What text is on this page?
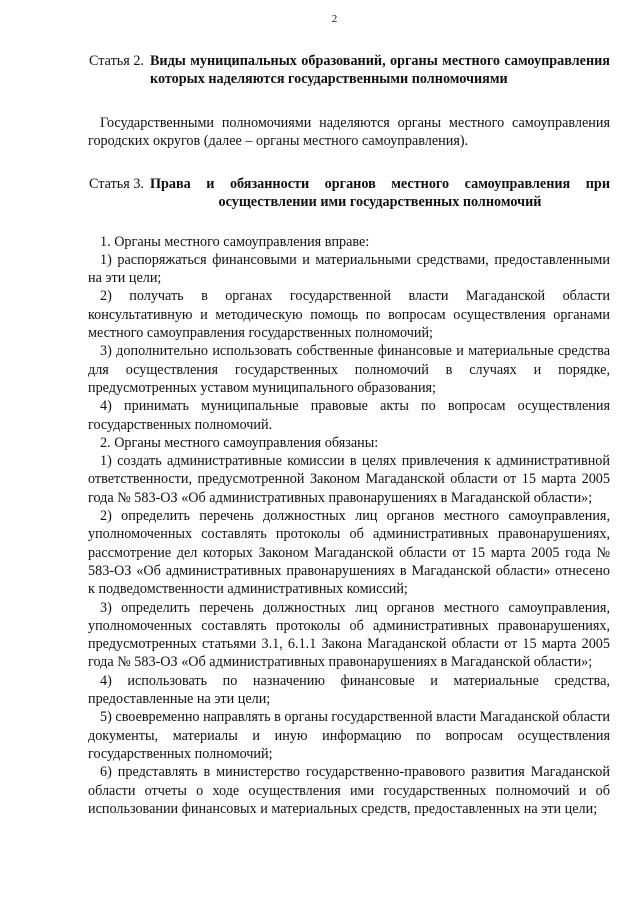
2
Статья 2. Виды муниципальных образований, органы местного самоуправления которых наделяются государственными полномочиями

Государственными полномочиями наделяются органы местного самоуправления городских округов (далее – органы местного самоуправления).

Статья 3. Права и обязанности органов местного самоуправления при осуществлении ими государственных полномочий

1. Органы местного самоуправления вправе:

1) распоряжаться финансовыми и материальными средствами, предоставленными на эти цели;

2) получать в органах государственной власти Магаданской области консультативную и методическую помощь по вопросам осуществления органами местного самоуправления государственных полномочий;

3) дополнительно использовать собственные финансовые и материальные средства для осуществления государственных полномочий в случаях и порядке, предусмотренных уставом муниципального образования;

4) принимать муниципальные правовые акты по вопросам осуществления государственных полномочий.

2. Органы местного самоуправления обязаны:

1) создать административные комиссии в целях привлечения к административной ответственности, предусмотренной Законом Магаданской области от 15 марта 2005 года № 583-ОЗ «Об административных правонарушениях в Магаданской области»;

2) определить перечень должностных лиц органов местного самоуправления, уполномоченных составлять протоколы об административных правонарушениях, рассмотрение дел которых Законом Магаданской области от 15 марта 2005 года № 583-ОЗ «Об административных правонарушениях в Магаданской области» отнесено к подведомственности административных комиссий;

3) определить перечень должностных лиц органов местного самоуправления, уполномоченных составлять протоколы об административных правонарушениях, предусмотренных статьями 3.1, 6.1.1 Закона Магаданской области от 15 марта 2005 года № 583-ОЗ «Об административных правонарушениях в Магаданской области»;

4) использовать по назначению финансовые и материальные средства, предоставленные на эти цели;

5) своевременно направлять в органы государственной власти Магаданской области документы, материалы и иную информацию по вопросам осуществления государственных полномочий;

6) представлять в министерство государственно-правового развития Магаданской области отчеты о ходе осуществления ими государственных полномочий и об использовании финансовых и материальных средств, предоставленных на эти цели;
